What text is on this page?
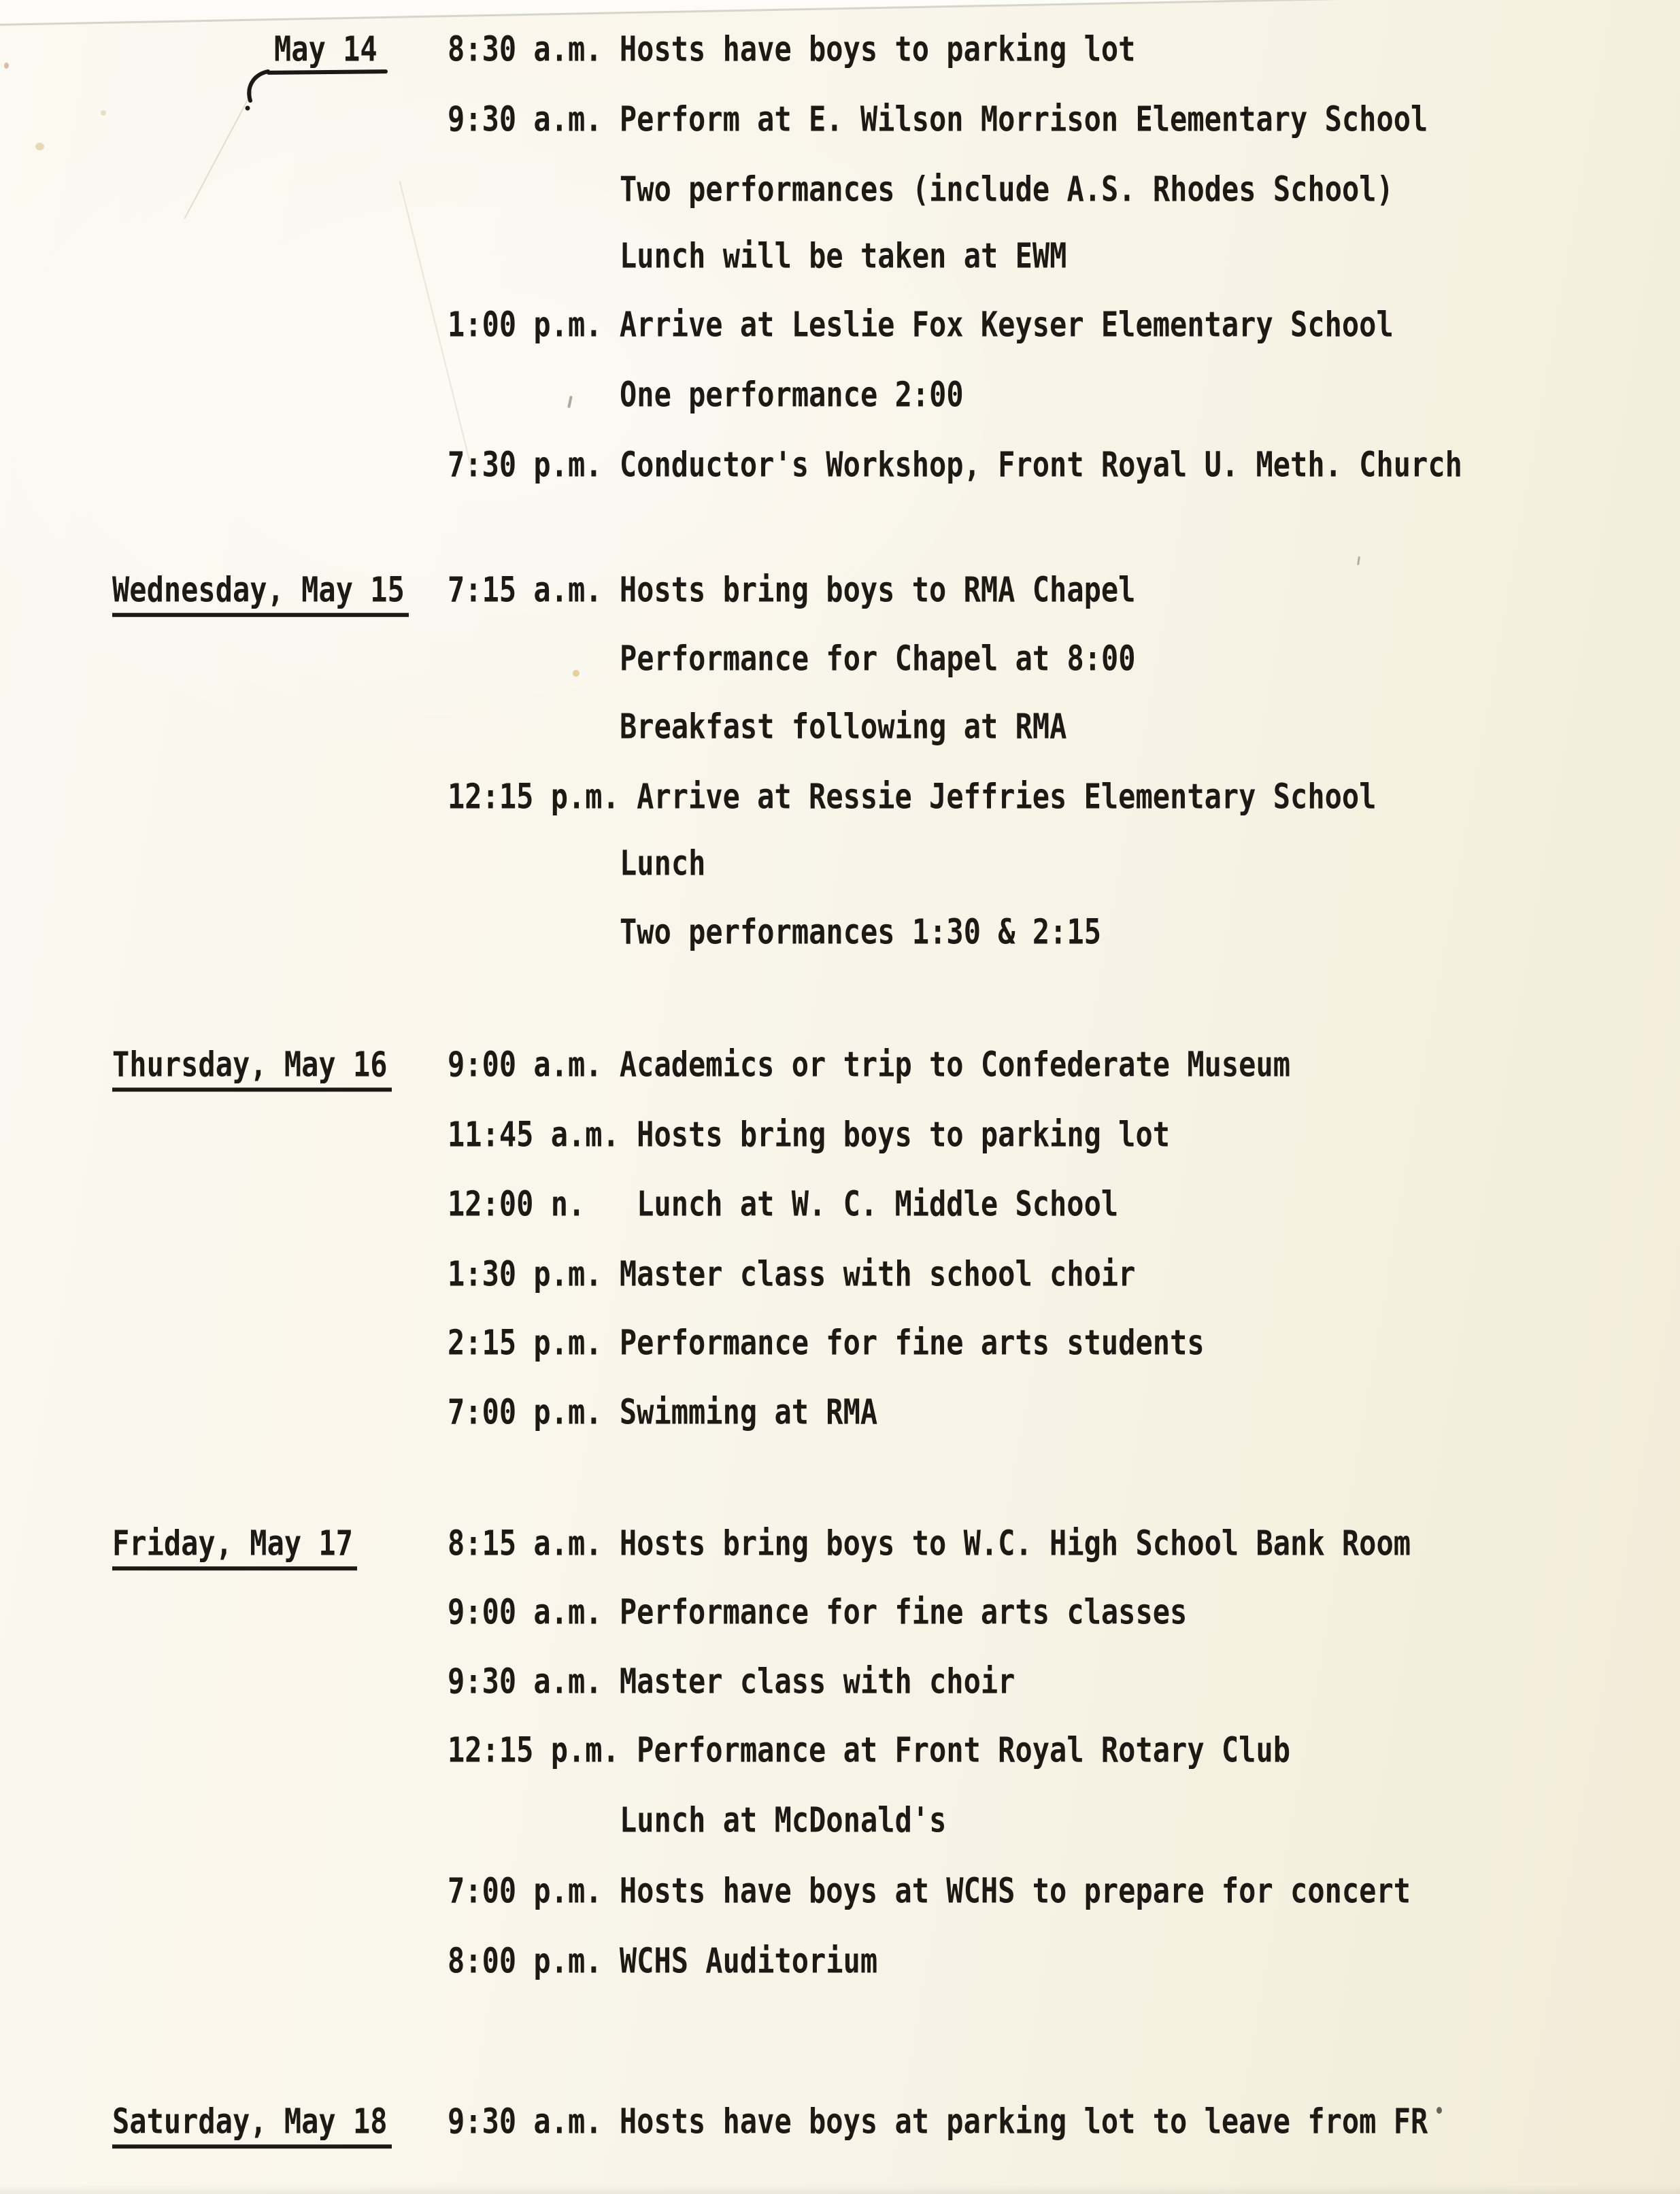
May 14
Wednesday, May 15
Thursday, May 16
Friday, May 17
Saturday, May 18
8:30 a.m. Hosts have boys to parking lot
9:30 a.m. Perform at E. Wilson Morrison Elementary School
Two performances (include A.S. Rhodes School)
Lunch will be taken at EWM
1:00 p.m. Arrive at Leslie Fox Keyser Elementary School
One performance 2:00
7:30 p.m. Conductor's Workshop, Front Royal U. Meth. Church
7:15 a.m. Hosts bring boys to RMA Chapel
Performance for Chapel at 8:00
Breakfast following at RMA
12:15 p.m. Arrive at Ressie Jeffries Elementary School
Lunch
Two performances 1:30 & 2:15
9:00 a.m. Academics or trip to Confederate Museum
11:45 a.m. Hosts bring boys to parking lot
12:00 n. Lunch at W. C. Middle School
1:30 p.m. Master class with school choir
2:15 p.m. Performance for fine arts students
7:00 p.m. Swimming at RMA
8:15 a.m. Hosts bring boys to W.C. High School Bank Room
9:00 a.m. Performance for fine arts classes
9:30 a.m. Master class with choir
12:15 p.m. Performance at Front Royal Rotary Club
Lunch at McDonald's
7:00 p.m. Hosts have boys at WCHS to prepare for concert
8:00 p.m. WCHS Auditorium
9:30 a.m. Hosts have boys at parking lot to leave from FR
